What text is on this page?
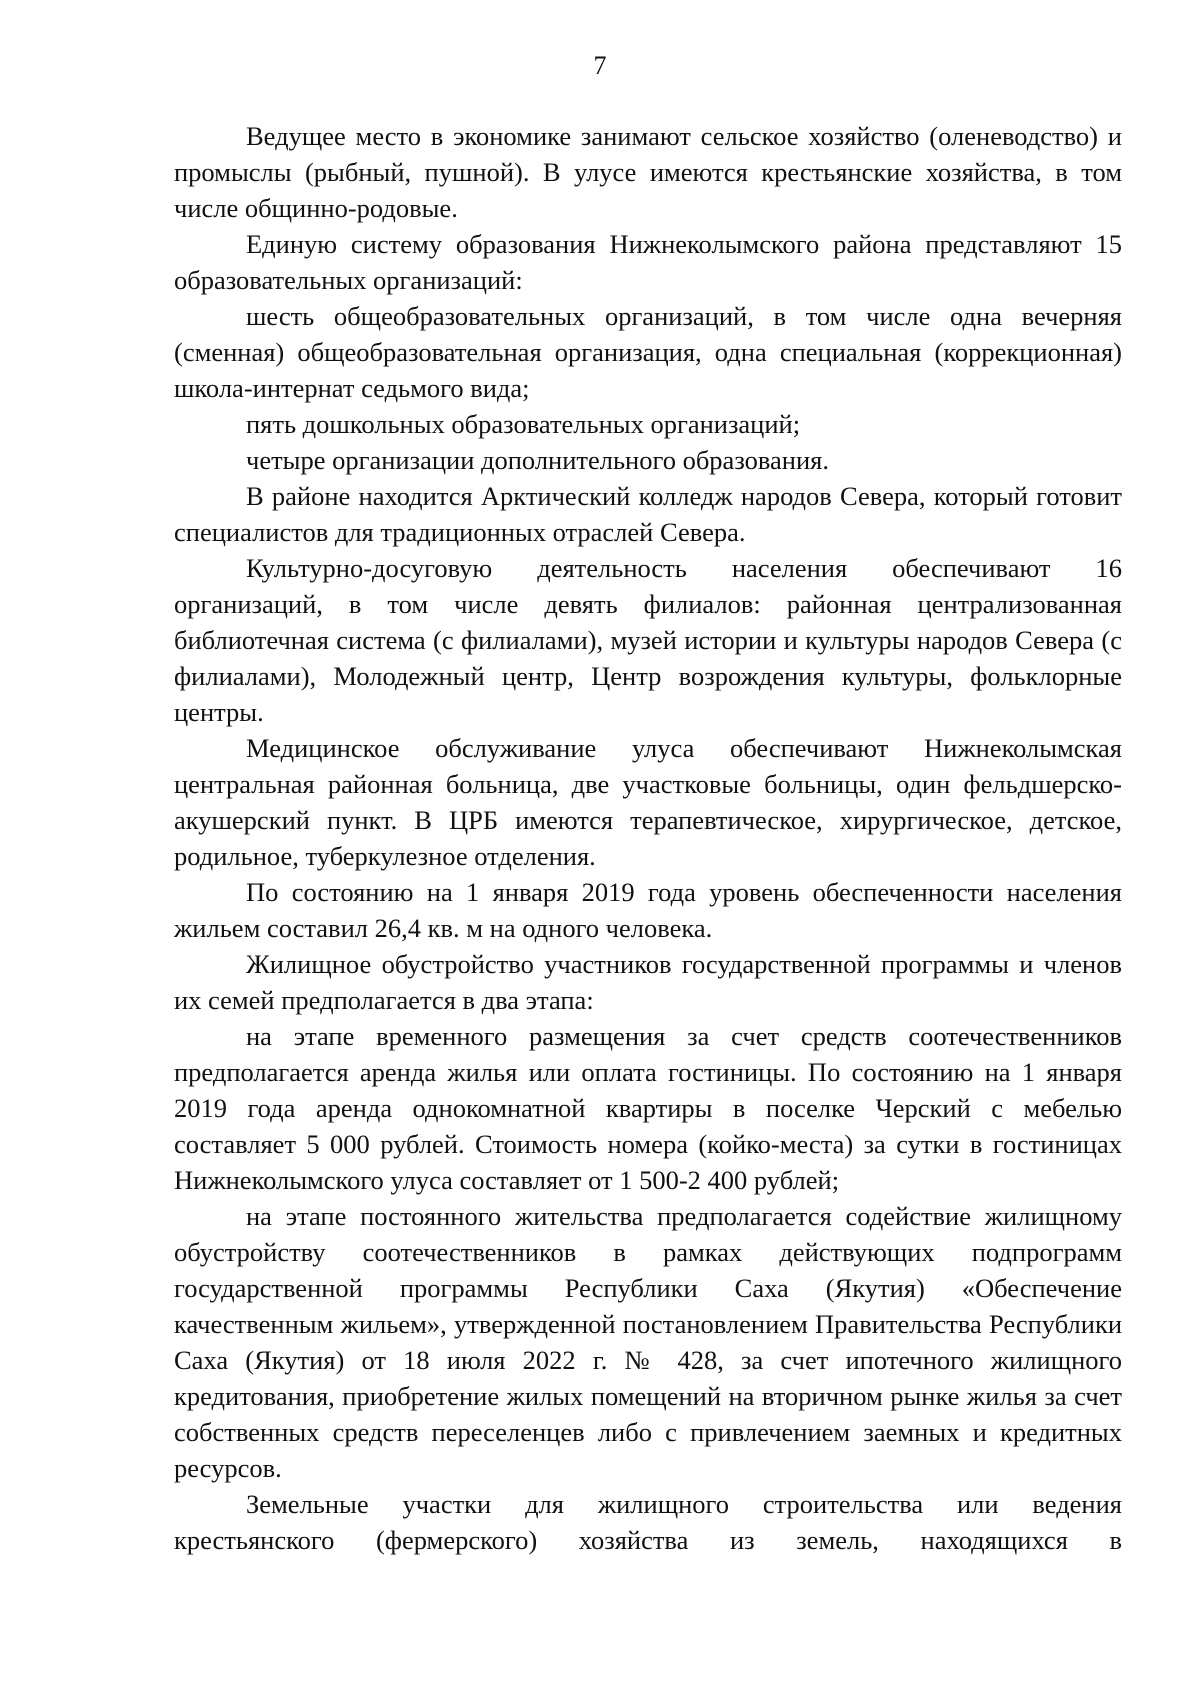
7

Ведущее место в экономике занимают сельское хозяйство (оленеводство) и промыслы (рыбный, пушной). В улусе имеются крестьянские хозяйства, в том числе общинно-родовые.

Единую систему образования Нижнеколымского района представляют 15 образовательных организаций:

шесть общеобразовательных организаций, в том числе одна вечерняя (сменная) общеобразовательная организация, одна специальная (коррекционная) школа-интернат седьмого вида;

пять дошкольных образовательных организаций;

четыре организации дополнительного образования.

В районе находится Арктический колледж народов Севера, который готовит специалистов для традиционных отраслей Севера.

Культурно-досуговую деятельность населения обеспечивают 16 организаций, в том числе девять филиалов: районная централизованная библиотечная система (с филиалами), музей истории и культуры народов Севера (с филиалами), Молодежный центр, Центр возрождения культуры, фольклорные центры.

Медицинское обслуживание улуса обеспечивают Нижнеколымская центральная районная больница, две участковые больницы, один фельдшерско-акушерский пункт. В ЦРБ имеются терапевтическое, хирургическое, детское, родильное, туберкулезное отделения.

По состоянию на 1 января 2019 года уровень обеспеченности населения жильем составил 26,4 кв. м на одного человека.

Жилищное обустройство участников государственной программы и членов их семей предполагается в два этапа:

на этапе временного размещения за счет средств соотечественников предполагается аренда жилья или оплата гостиницы. По состоянию на 1 января 2019 года аренда однокомнатной квартиры в поселке Черский с мебелью составляет 5 000 рублей. Стоимость номера (койко-места) за сутки в гостиницах Нижнеколымского улуса составляет от 1 500-2 400 рублей;

на этапе постоянного жительства предполагается содействие жилищному обустройству соотечественников в рамках действующих подпрограмм государственной программы Республики Саха (Якутия) «Обеспечение качественным жильем», утвержденной постановлением Правительства Республики Саха (Якутия) от 18 июля 2022 г. № 428, за счет ипотечного жилищного кредитования, приобретение жилых помещений на вторичном рынке жилья за счет собственных средств переселенцев либо с привлечением заемных и кредитных ресурсов.

Земельные участки для жилищного строительства или ведения крестьянского (фермерского) хозяйства из земель, находящихся в
